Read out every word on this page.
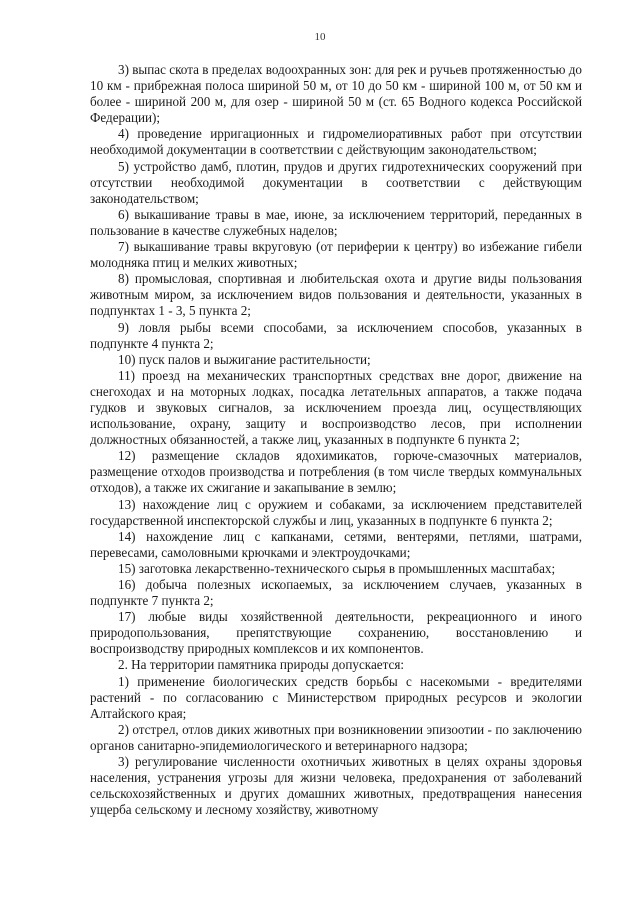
10

3) выпас скота в пределах водоохранных зон: для рек и ручьев протяженностью до 10 км - прибрежная полоса шириной 50 м, от 10 до 50 км - шириной 100 м, от 50 км и более - шириной 200 м, для озер - шириной 50 м (ст. 65 Водного кодекса Российской Федерации);

4) проведение ирригационных и гидромелиоративных работ при отсутствии необходимой документации в соответствии с действующим законодательством;

5) устройство дамб, плотин, прудов и других гидротехнических сооружений при отсутствии необходимой документации в соответствии с действующим законодательством;

6) выкашивание травы в мае, июне, за исключением территорий, переданных в пользование в качестве служебных наделов;

7) выкашивание травы вкруговую (от периферии к центру) во избежание гибели молодняка птиц и мелких животных;

8) промысловая, спортивная и любительская охота и другие виды пользования животным миром, за исключением видов пользования и деятельности, указанных в подпунктах 1 - 3, 5 пункта 2;

9) ловля рыбы всеми способами, за исключением способов, указанных в подпункте 4 пункта 2;

10) пуск палов и выжигание растительности;

11) проезд на механических транспортных средствах вне дорог, движение на снегоходах и на моторных лодках, посадка летательных аппаратов, а также подача гудков и звуковых сигналов, за исключением проезда лиц, осуществляющих использование, охрану, защиту и воспроизводство лесов, при исполнении должностных обязанностей, а также лиц, указанных в подпункте 6 пункта 2;

12) размещение складов ядохимикатов, горюче-смазочных материалов, размещение отходов производства и потребления (в том числе твердых коммунальных отходов), а также их сжигание и закапывание в землю;

13) нахождение лиц с оружием и собаками, за исключением представителей государственной инспекторской службы и лиц, указанных в подпункте 6 пункта 2;

14) нахождение лиц с капканами, сетями, вентерями, петлями, шатрами, перевесами, самоловными крючками и электроудочками;

15) заготовка лекарственно-технического сырья в промышленных масштабах;

16) добыча полезных ископаемых, за исключением случаев, указанных в подпункте 7 пункта 2;

17) любые виды хозяйственной деятельности, рекреационного и иного природопользования, препятствующие сохранению, восстановлению и воспроизводству природных комплексов и их компонентов.

2. На территории памятника природы допускается:

1) применение биологических средств борьбы с насекомыми - вредителями растений - по согласованию с Министерством природных ресурсов и экологии Алтайского края;

2) отстрел, отлов диких животных при возникновении эпизоотии - по заключению органов санитарно-эпидемиологического и ветеринарного надзора;

3) регулирование численности охотничьих животных в целях охраны здоровья населения, устранения угрозы для жизни человека, предохранения от заболеваний сельскохозяйственных и других домашних животных, предотвращения нанесения ущерба сельскому и лесному хозяйству, животному
